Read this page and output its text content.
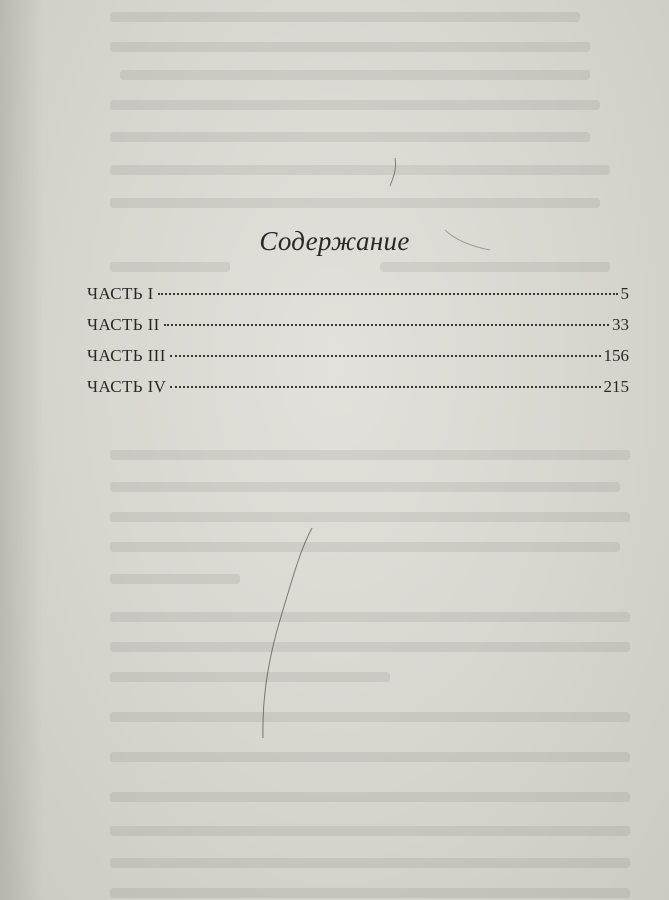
Содержание
ЧАСТЬ I	5
ЧАСТЬ II	33
ЧАСТЬ III	156
ЧАСТЬ IV	215
